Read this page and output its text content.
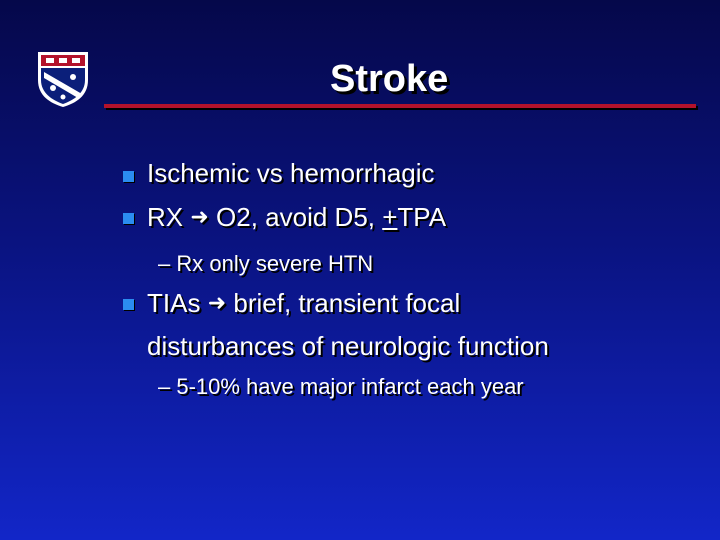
Stroke
Ischemic vs hemorrhagic
RX ➜ O2, avoid D5, +TPA
– Rx only severe HTN
TIAs ➜ brief, transient focal
disturbances of neurologic function
– 5-10% have major infarct each year
